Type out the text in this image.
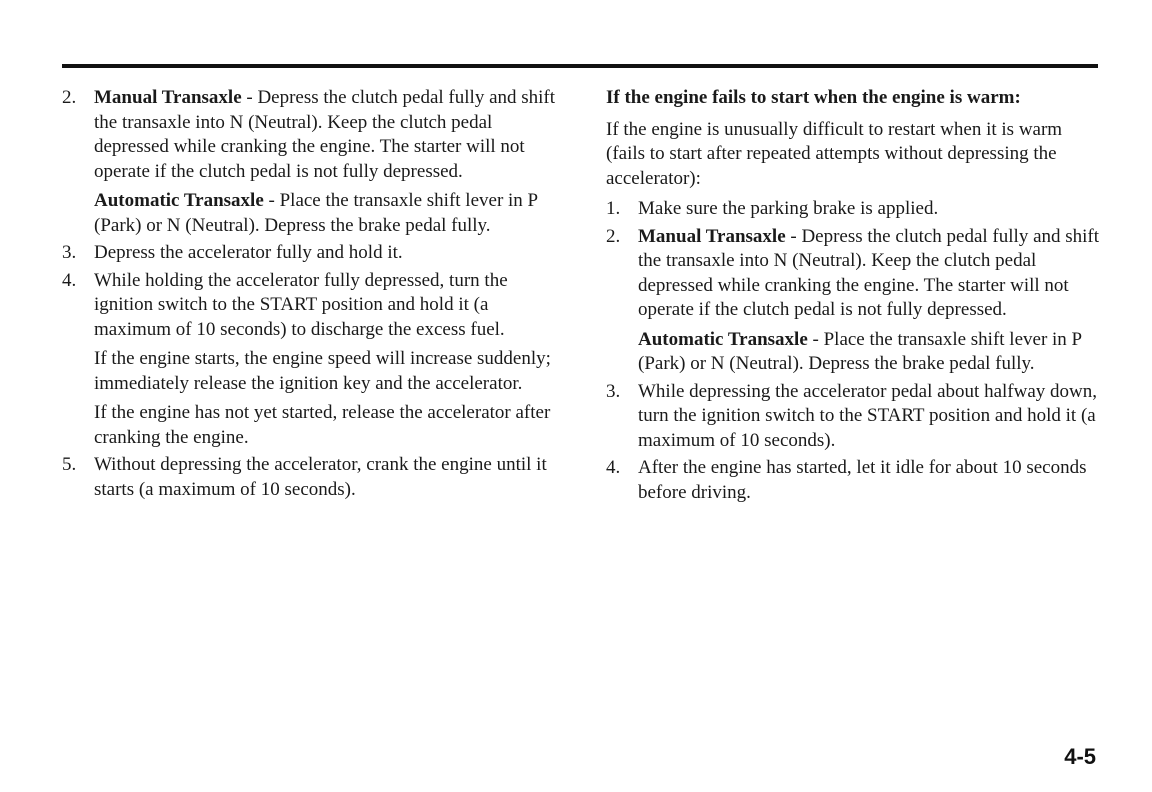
2. Manual Transaxle - Depress the clutch pedal fully and shift the transaxle into N (Neutral). Keep the clutch pedal depressed while cranking the engine. The starter will not operate if the clutch pedal is not fully depressed.

Automatic Transaxle - Place the transaxle shift lever in P (Park) or N (Neutral). Depress the brake pedal fully.

3. Depress the accelerator fully and hold it.

4. While holding the accelerator fully depressed, turn the ignition switch to the START position and hold it (a maximum of 10 seconds) to discharge the excess fuel.

If the engine starts, the engine speed will increase suddenly; immediately release the ignition key and the accelerator.

If the engine has not yet started, release the accelerator after cranking the engine.

5. Without depressing the accelerator, crank the engine until it starts (a maximum of 10 seconds).

If the engine fails to start when the engine is warm:

If the engine is unusually difficult to restart when it is warm (fails to start after repeated attempts without depressing the accelerator):

1. Make sure the parking brake is applied.

2. Manual Transaxle - Depress the clutch pedal fully and shift the transaxle into N (Neutral). Keep the clutch pedal depressed while cranking the engine. The starter will not operate if the clutch pedal is not fully depressed.

Automatic Transaxle - Place the transaxle shift lever in P (Park) or N (Neutral). Depress the brake pedal fully.

3. While depressing the accelerator pedal about halfway down, turn the ignition switch to the START position and hold it (a maximum of 10 seconds).

4. After the engine has started, let it idle for about 10 seconds before driving.

4-5
